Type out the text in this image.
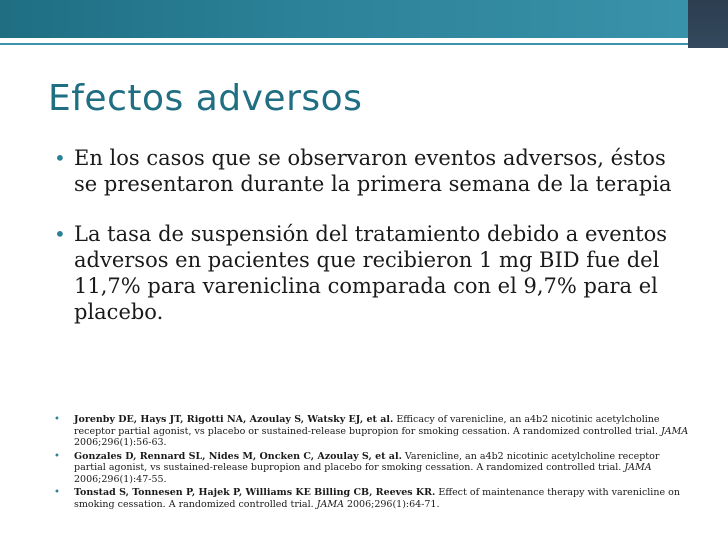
Efectos adversos
• En los casos que se observaron eventos adversos, éstos se presentaron durante la primera semana de la terapia
• La tasa de suspensión del tratamiento debido a eventos adversos en pacientes que recibieron 1 mg BID fue del 11,7% para vareniclina comparada con el 9,7% para el placebo.
• Jorenby DE, Hays JT, Rigotti NA, Azoulay S, Watsky EJ, et al. Efficacy of varenicline, an a4b2 nicotinic acetylcholine receptor partial agonist, vs placebo or sustained-release bupropion for smoking cessation. A randomized controlled trial. JAMA 2006;296(1):56-63.
• Gonzales D, Rennard SL, Nides M, Oncken C, Azoulay S, et al. Varenicline, an a4b2 nicotinic acetylcholine receptor partial agonist, vs sustained-release bupropion and placebo for smoking cessation. A randomized controlled trial. JAMA 2006;296(1):47-55.
• Tonstad S, Tonnesen P, Hajek P, Williams KE Billing CB, Reeves KR. Effect of maintenance therapy with varenicline on smoking cessation. A randomized controlled trial. JAMA 2006;296(1):64-71.
